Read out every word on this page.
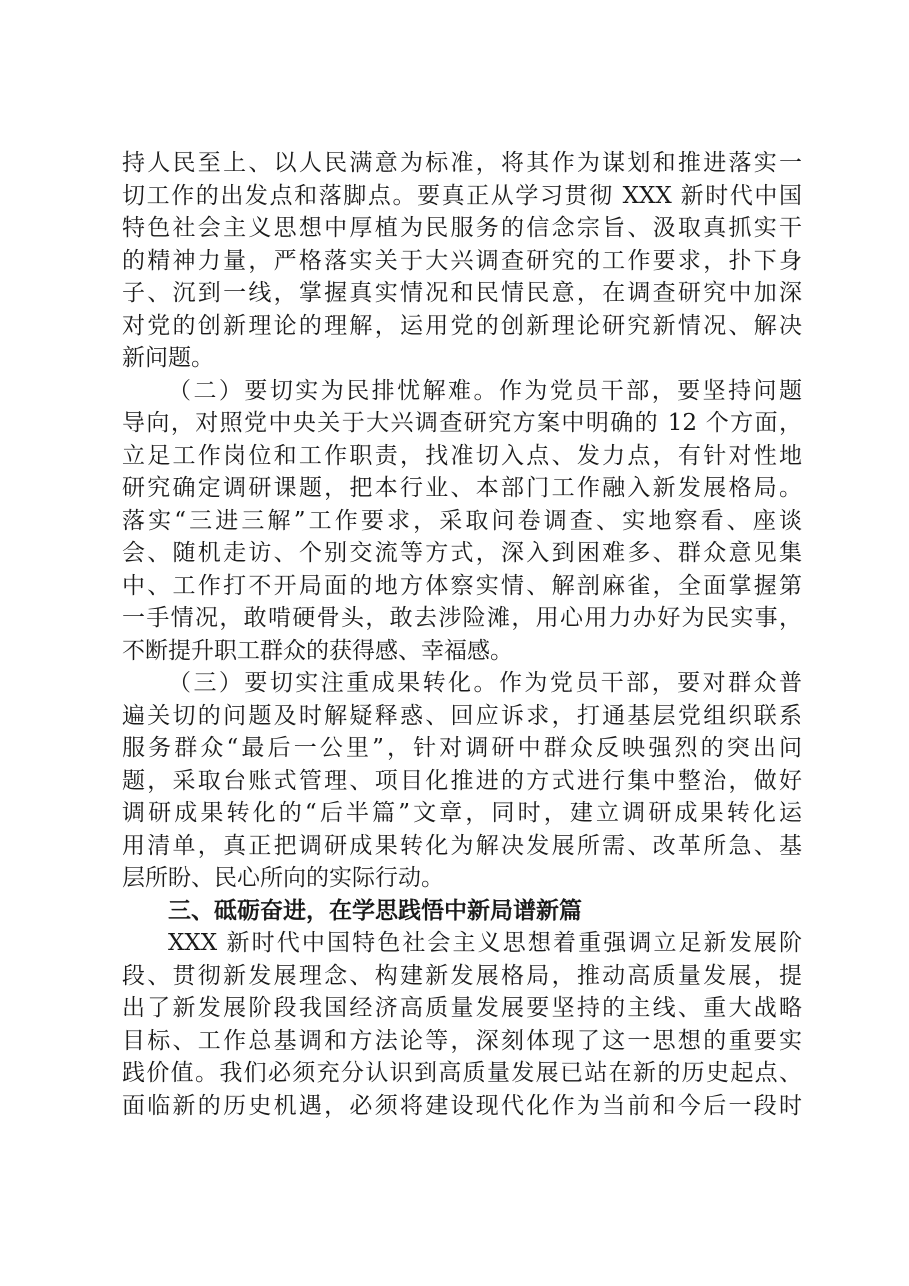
持人民至上、以人民满意为标准，将其作为谋划和推进落实一
切工作的出发点和落脚点。要真正从学习贯彻 XXX 新时代中国
特色社会主义思想中厚植为民服务的信念宗旨、汲取真抓实干
的精神力量，严格落实关于大兴调查研究的工作要求，扑下身
子、沉到一线，掌握真实情况和民情民意，在调查研究中加深
对党的创新理论的理解，运用党的创新理论研究新情况、解决
新问题。
（二）要切实为民排忧解难。作为党员干部，要坚持问题
导向，对照党中央关于大兴调查研究方案中明确的 12 个方面，
立足工作岗位和工作职责，找准切入点、发力点，有针对性地
研究确定调研课题，把本行业、本部门工作融入新发展格局。
落实“三进三解”工作要求，采取问卷调查、实地察看、座谈
会、随机走访、个别交流等方式，深入到困难多、群众意见集
中、工作打不开局面的地方体察实情、解剖麻雀，全面掌握第
一手情况，敢啃硬骨头，敢去涉险滩，用心用力办好为民实事，
不断提升职工群众的获得感、幸福感。
（三）要切实注重成果转化。作为党员干部，要对群众普
遍关切的问题及时解疑释惑、回应诉求，打通基层党组织联系
服务群众“最后一公里”，针对调研中群众反映强烈的突出问
题，采取台账式管理、项目化推进的方式进行集中整治，做好
调研成果转化的“后半篇”文章，同时，建立调研成果转化运
用清单，真正把调研成果转化为解决发展所需、改革所急、基
层所盼、民心所向的实际行动。
三、砥砺奋进，在学思践悟中新局谱新篇
XXX 新时代中国特色社会主义思想着重强调立足新发展阶
段、贯彻新发展理念、构建新发展格局，推动高质量发展，提
出了新发展阶段我国经济高质量发展要坚持的主线、重大战略
目标、工作总基调和方法论等，深刻体现了这一思想的重要实
践价值。我们必须充分认识到高质量发展已站在新的历史起点、
面临新的历史机遇，必须将建设现代化作为当前和今后一段时
